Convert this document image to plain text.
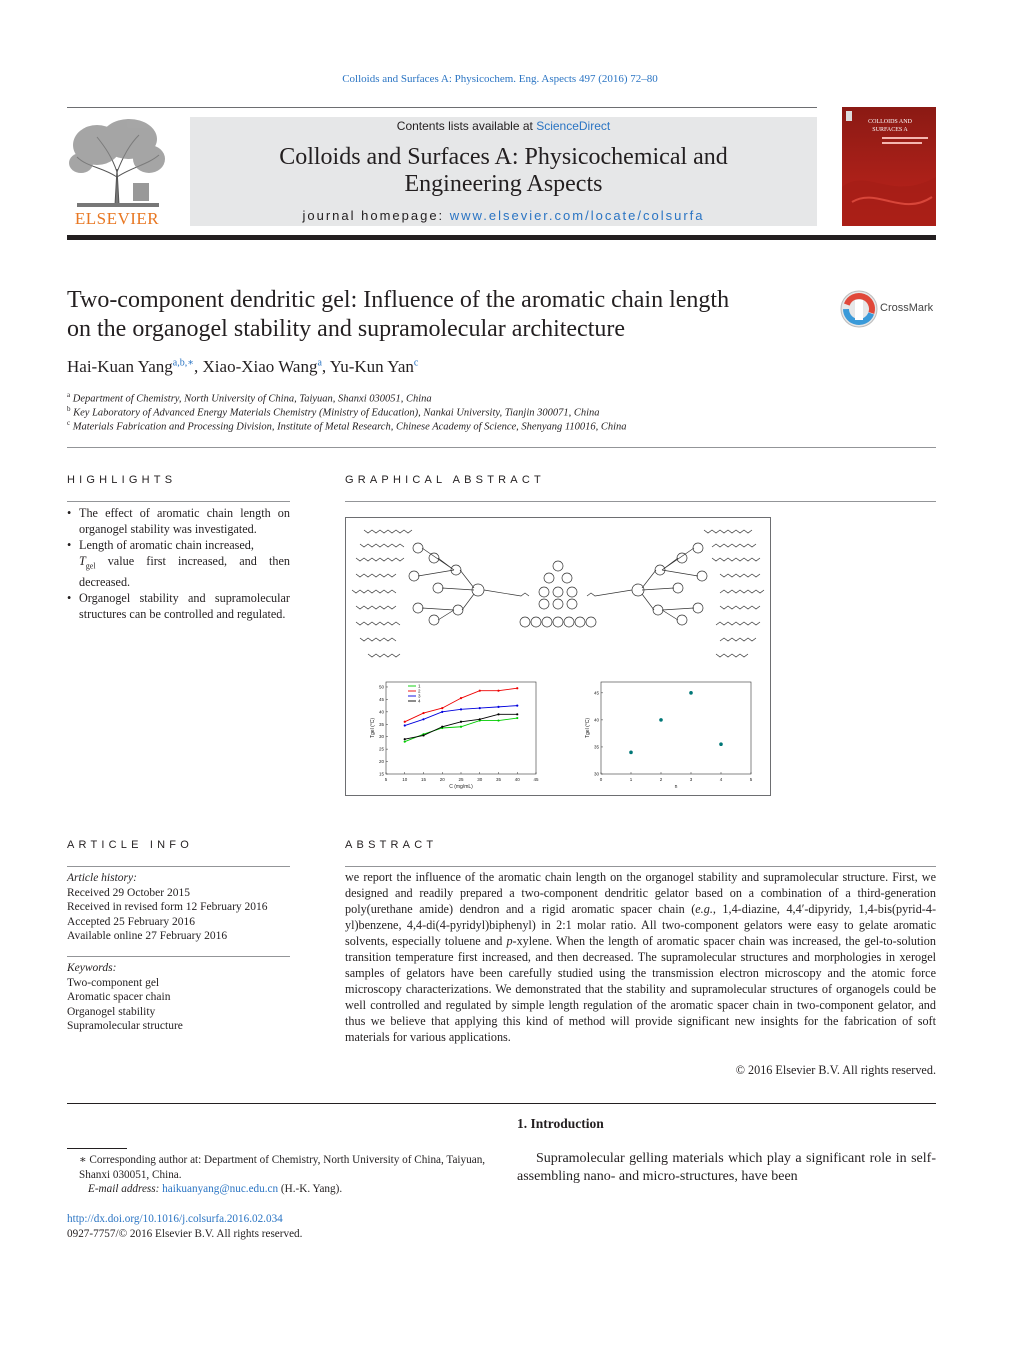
Colloids and Surfaces A: Physicochem. Eng. Aspects 497 (2016) 72–80
ELSEVIER
Contents lists available at ScienceDirect
Colloids and Surfaces A: Physicochemical and
Engineering Aspects
journal homepage: www.elsevier.com/locate/colsurfa
COLLOIDS AND
SURFACES A
Two-component dendritic gel: Influence of the aromatic chain length
on the organogel stability and supramolecular architecture
CrossMark
Hai-Kuan Yang$^{a,b,∗}$, Xiao-Xiao Wang$^a$, Yu-Kun Yan$^c$
$^a$ Department of Chemistry, North University of China, Taiyuan, Shanxi 030051, China
$^b$ Key Laboratory of Advanced Energy Materials Chemistry (Ministry of Education), Nankai University, Tianjin 300071, China
$^c$ Materials Fabrication and Processing Division, Institute of Metal Research, Chinese Academy of Science, Shenyang 110016, China
HIGHLIGHTS
• The effect of aromatic chain length on organogel stability was investigated.
• Length of aromatic chain increased,
$T_{gel}$ value first increased, and then decreased.
• Organogel stability and supramolecular structures can be controlled and regulated.
GRAPHICAL ABSTRACT
5	10	15	20	25	30	35	40	45
15
20
25
30
35
40
45
50
C (mg/mL)
Tgel (°C)
1
2
3
4
0	1	2	3	4	5
30
35
40
45
n
Tgel (°C)
ARTICLE INFO
Article history:
Received 29 October 2015
Received in revised form 12 February 2016
Accepted 25 February 2016
Available online 27 February 2016
Keywords:
Two-component gel
Aromatic spacer chain
Organogel stability
Supramolecular structure
ABSTRACT
we report the influence of the aromatic chain length on the organogel stability and supramolecular structure. First, we designed and readily prepared a two-component dendritic gelator based on a combination of a third-generation poly(urethane amide) dendron and a rigid aromatic spacer chain (e.g., 1,4-diazine, 4,4′-dipyridy, 1,4-bis(pyrid-4-yl)benzene, 4,4-di(4-pyridyl)biphenyl) in 2:1 molar ratio. All two-component gelators were easy to gelate aromatic solvents, especially toluene and p-xylene. When the length of aromatic spacer chain was increased, the gel-to-solution transition temperature first increased, and then decreased. The supramolecular structures and morphologies in xerogel samples of gelators have been carefully studied using the transmission electron microscopy and the atomic force microscopy characterizations. We demonstrated that the stability and supramolecular structures of organogels could be well controlled and regulated by simple length regulation of the aromatic spacer chain in two-component gelator, and thus we believe that applying this kind of method will provide significant new insights for the fabrication of soft materials for various applications.
© 2016 Elsevier B.V. All rights reserved.
1. Introduction
Supramolecular gelling materials which play a significant role in self-assembling nano- and micro-structures, have been
∗ Corresponding author at: Department of Chemistry, North University of China, Taiyuan, Shanxi 030051, China.
E-mail address: haikuanyang@nuc.edu.cn (H.-K. Yang).
http://dx.doi.org/10.1016/j.colsurfa.2016.02.034
0927-7757/© 2016 Elsevier B.V. All rights reserved.
